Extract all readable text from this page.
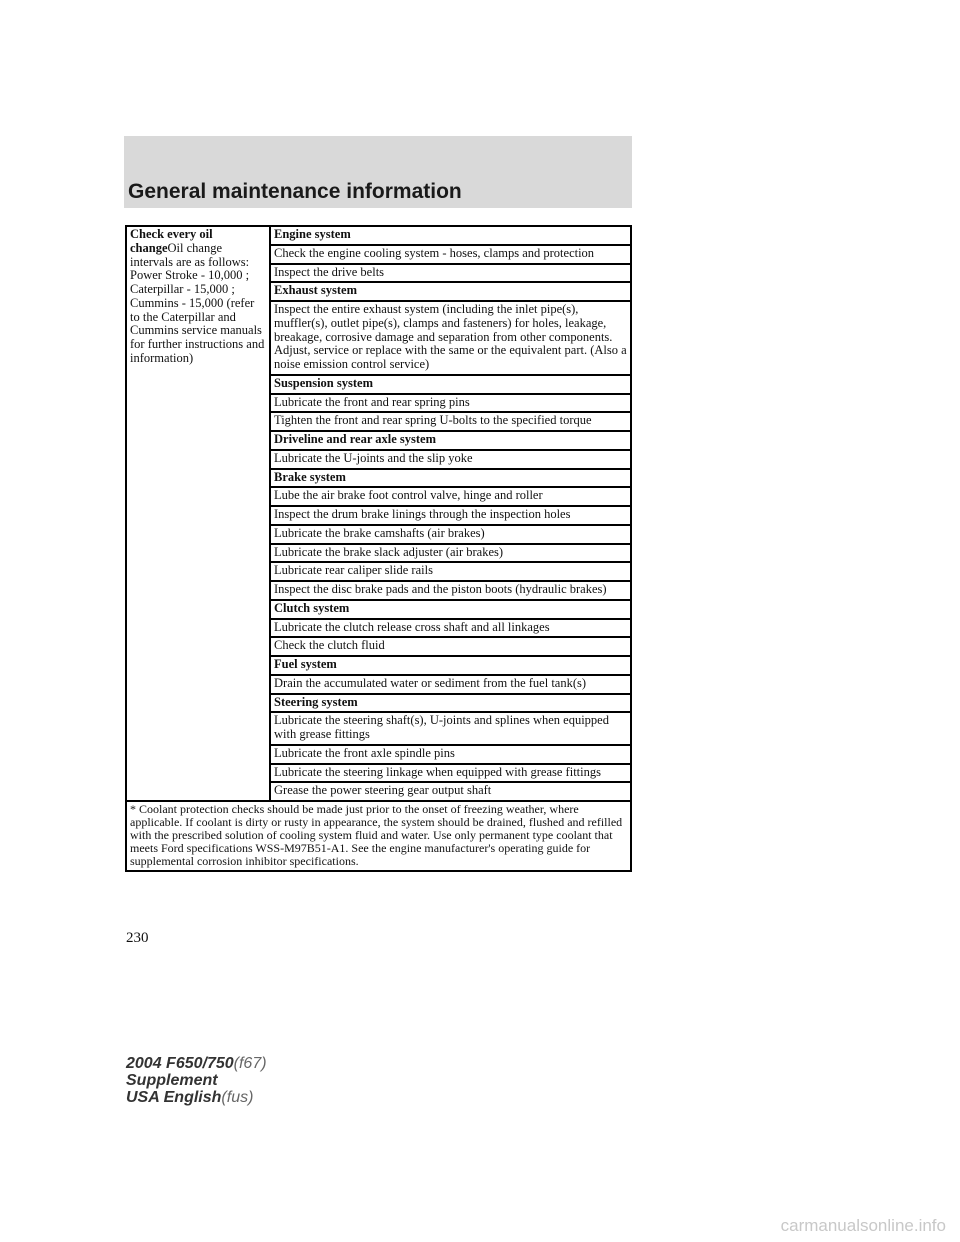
General maintenance information
Check every oil changeOil change intervals are as follows: Power Stroke - 10,000 ; Caterpillar - 15,000 ; Cummins - 15,000 (refer to the Caterpillar and Cummins service manuals for further instructions and information)	Engine system
Check the engine cooling system - hoses, clamps and protection
Inspect the drive belts
Exhaust system
Inspect the entire exhaust system (including the inlet pipe(s), muffler(s), outlet pipe(s), clamps and fasteners) for holes, leakage, breakage, corrosive damage and separation from other components. Adjust, service or replace with the same or the equivalent part. (Also a noise emission control service)
Suspension system
Lubricate the front and rear spring pins
Tighten the front and rear spring U-bolts to the specified torque
Driveline and rear axle system
Lubricate the U-joints and the slip yoke
Brake system
Lube the air brake foot control valve, hinge and roller
Inspect the drum brake linings through the inspection holes
Lubricate the brake camshafts (air brakes)
Lubricate the brake slack adjuster (air brakes)
Lubricate rear caliper slide rails
Inspect the disc brake pads and the piston boots (hydraulic brakes)
Clutch system
Lubricate the clutch release cross shaft and all linkages
Check the clutch fluid
Fuel system
Drain the accumulated water or sediment from the fuel tank(s)
Steering system
Lubricate the steering shaft(s), U-joints and splines when equipped with grease fittings
Lubricate the front axle spindle pins
Lubricate the steering linkage when equipped with grease fittings
Grease the power steering gear output shaft
* Coolant protection checks should be made just prior to the onset of freezing weather, where applicable. If coolant is dirty or rusty in appearance, the system should be drained, flushed and refilled with the prescribed solution of cooling system fluid and water. Use only permanent type coolant that meets Ford specifications WSS-M97B51-A1. See the engine manufacturer's operating guide for supplemental corrosion inhibitor specifications.
230
2004 F650/750(f67)
Supplement
USA English(fus)
carmanualsonline.info
